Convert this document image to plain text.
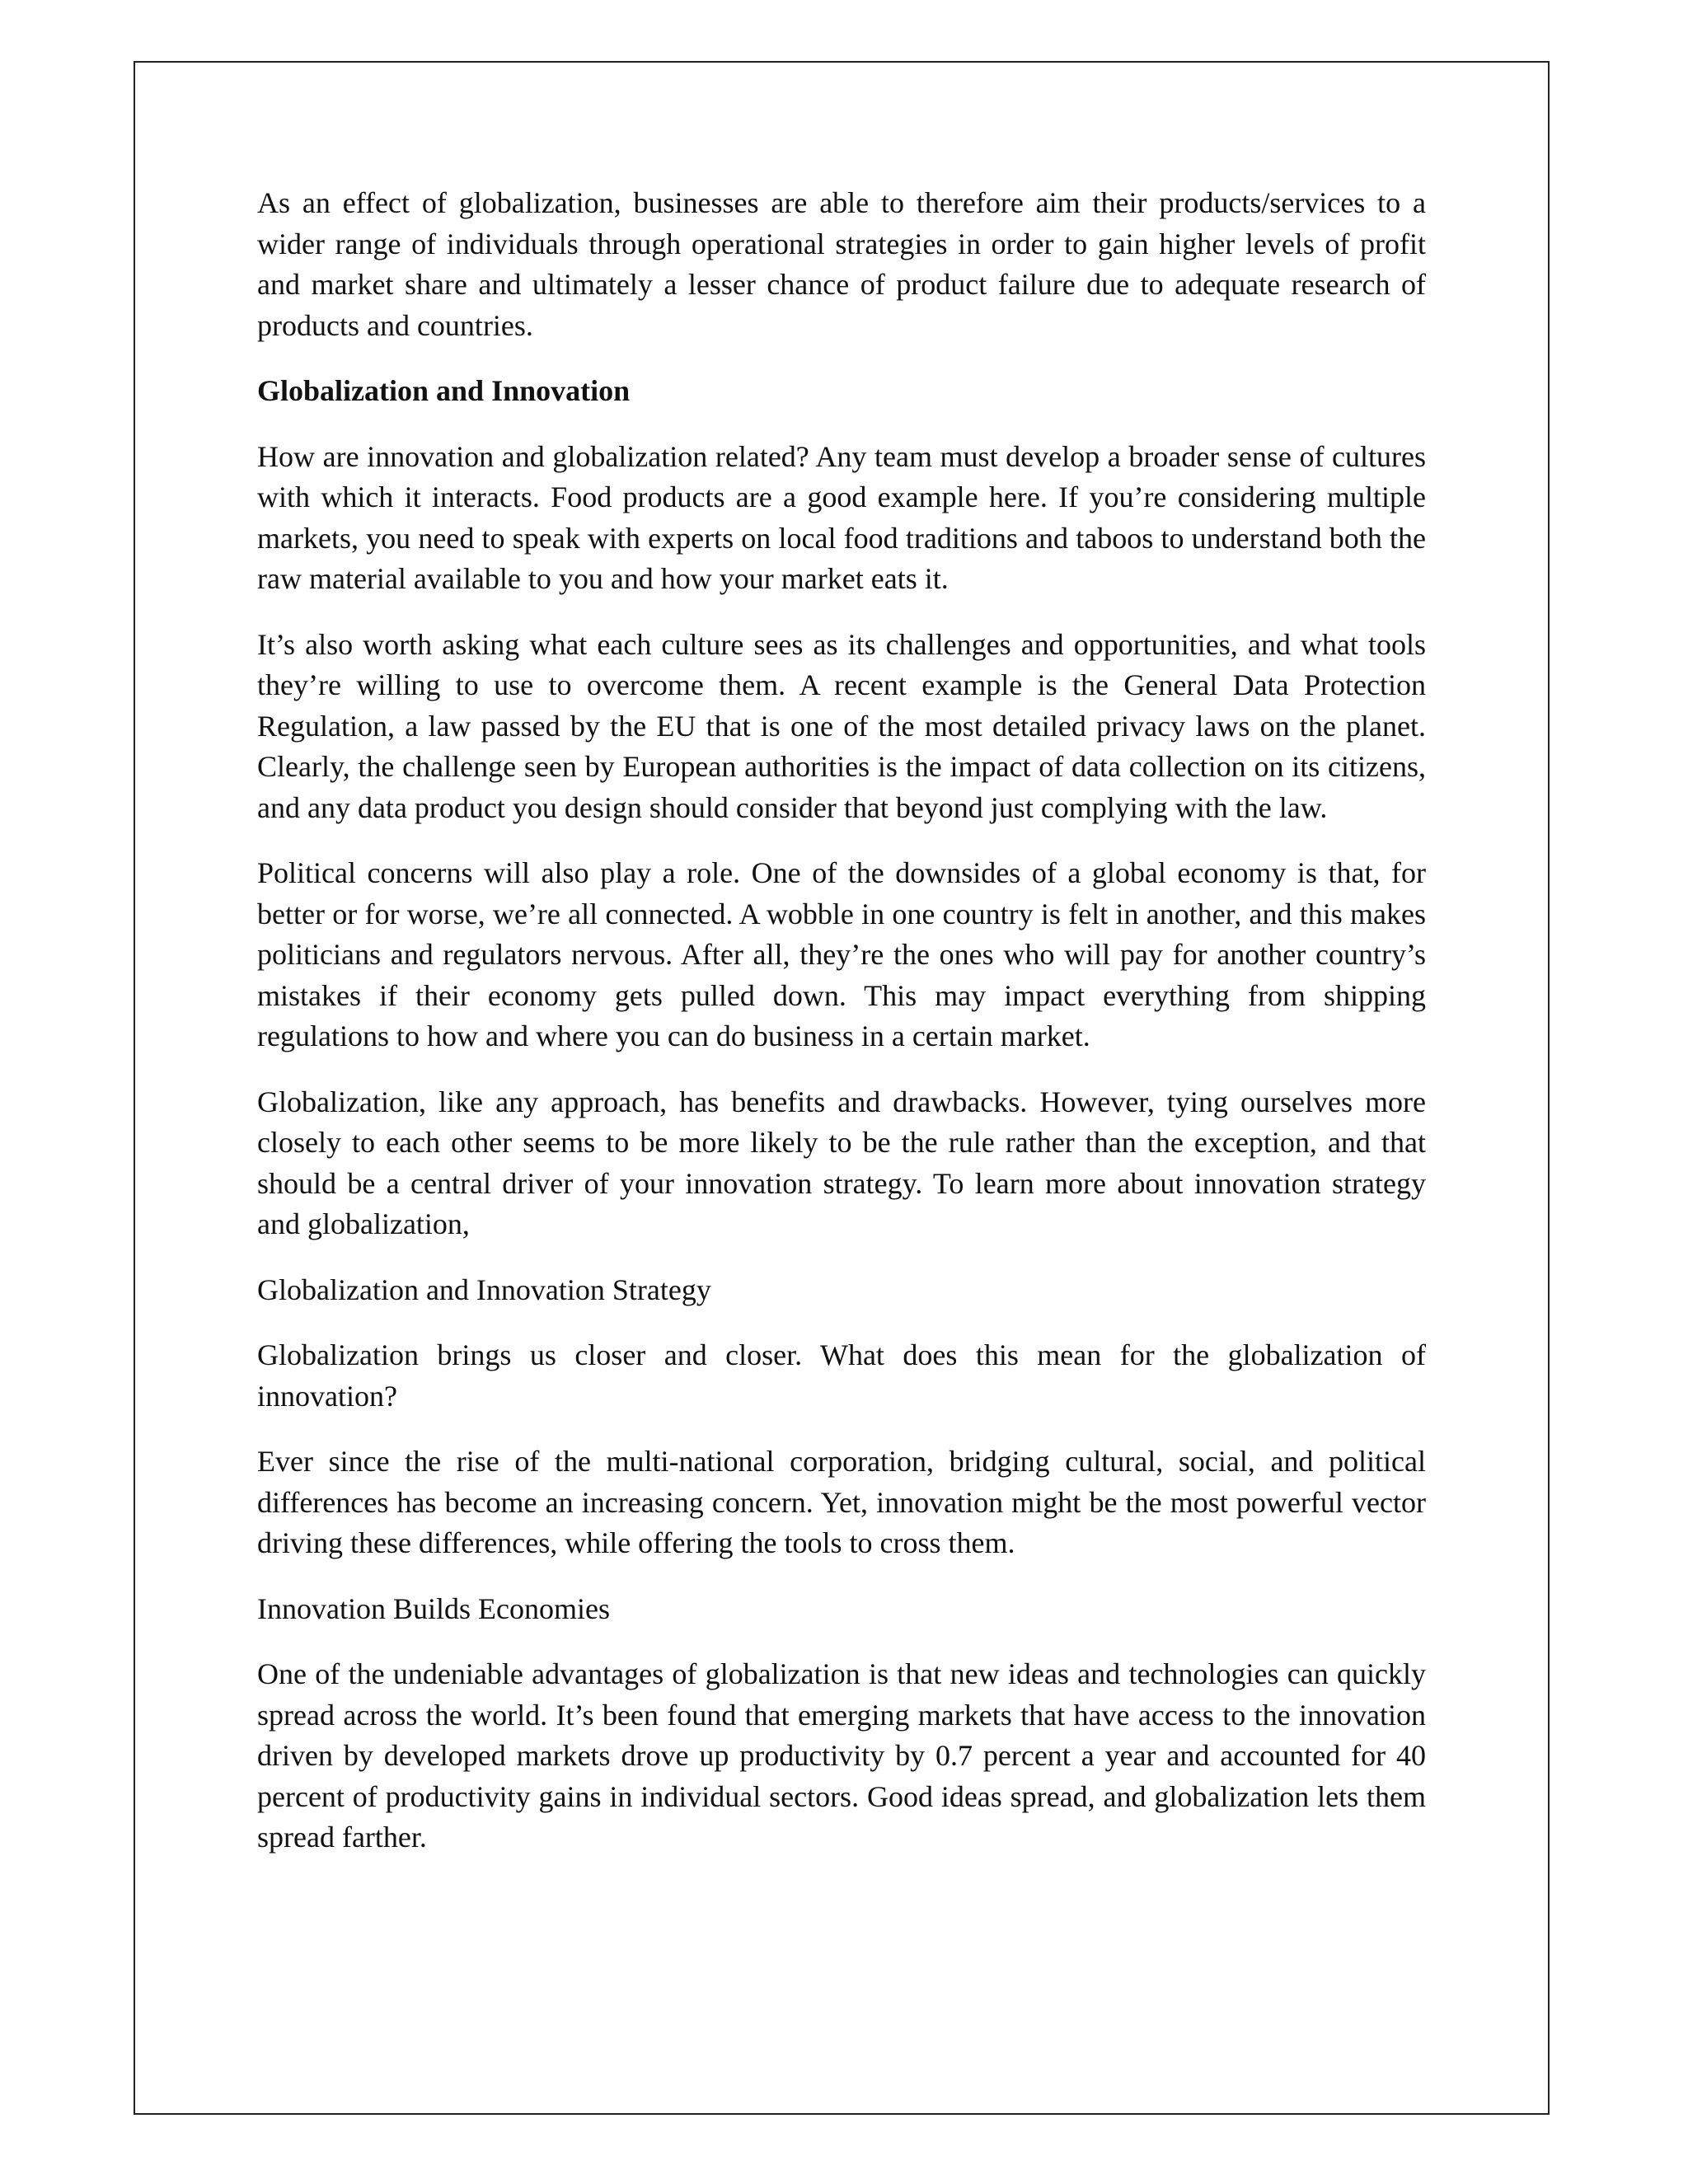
As an effect of globalization, businesses are able to therefore aim their products/services to a wider range of individuals through operational strategies in order to gain higher levels of profit and market share and ultimately a lesser chance of product failure due to adequate research of products and countries.

Globalization and Innovation

How are innovation and globalization related? Any team must develop a broader sense of cultures with which it interacts. Food products are a good example here. If you’re considering multiple markets, you need to speak with experts on local food traditions and taboos to understand both the raw material available to you and how your market eats it.

It’s also worth asking what each culture sees as its challenges and opportunities, and what tools they’re willing to use to overcome them. A recent example is the General Data Protection Regulation, a law passed by the EU that is one of the most detailed privacy laws on the planet. Clearly, the challenge seen by European authorities is the impact of data collection on its citizens, and any data product you design should consider that beyond just complying with the law.

Political concerns will also play a role. One of the downsides of a global economy is that, for better or for worse, we’re all connected. A wobble in one country is felt in another, and this makes politicians and regulators nervous. After all, they’re the ones who will pay for another country’s mistakes if their economy gets pulled down. This may impact everything from shipping regulations to how and where you can do business in a certain market.

Globalization, like any approach, has benefits and drawbacks. However, tying ourselves more closely to each other seems to be more likely to be the rule rather than the exception, and that should be a central driver of your innovation strategy. To learn more about innovation strategy and globalization,

Globalization and Innovation Strategy

Globalization brings us closer and closer. What does this mean for the globalization of innovation?

Ever since the rise of the multi-national corporation, bridging cultural, social, and political differences has become an increasing concern. Yet, innovation might be the most powerful vector driving these differences, while offering the tools to cross them.

Innovation Builds Economies

One of the undeniable advantages of globalization is that new ideas and technologies can quickly spread across the world. It’s been found that emerging markets that have access to the innovation driven by developed markets drove up productivity by 0.7 percent a year and accounted for 40 percent of productivity gains in individual sectors. Good ideas spread, and globalization lets them spread farther.
